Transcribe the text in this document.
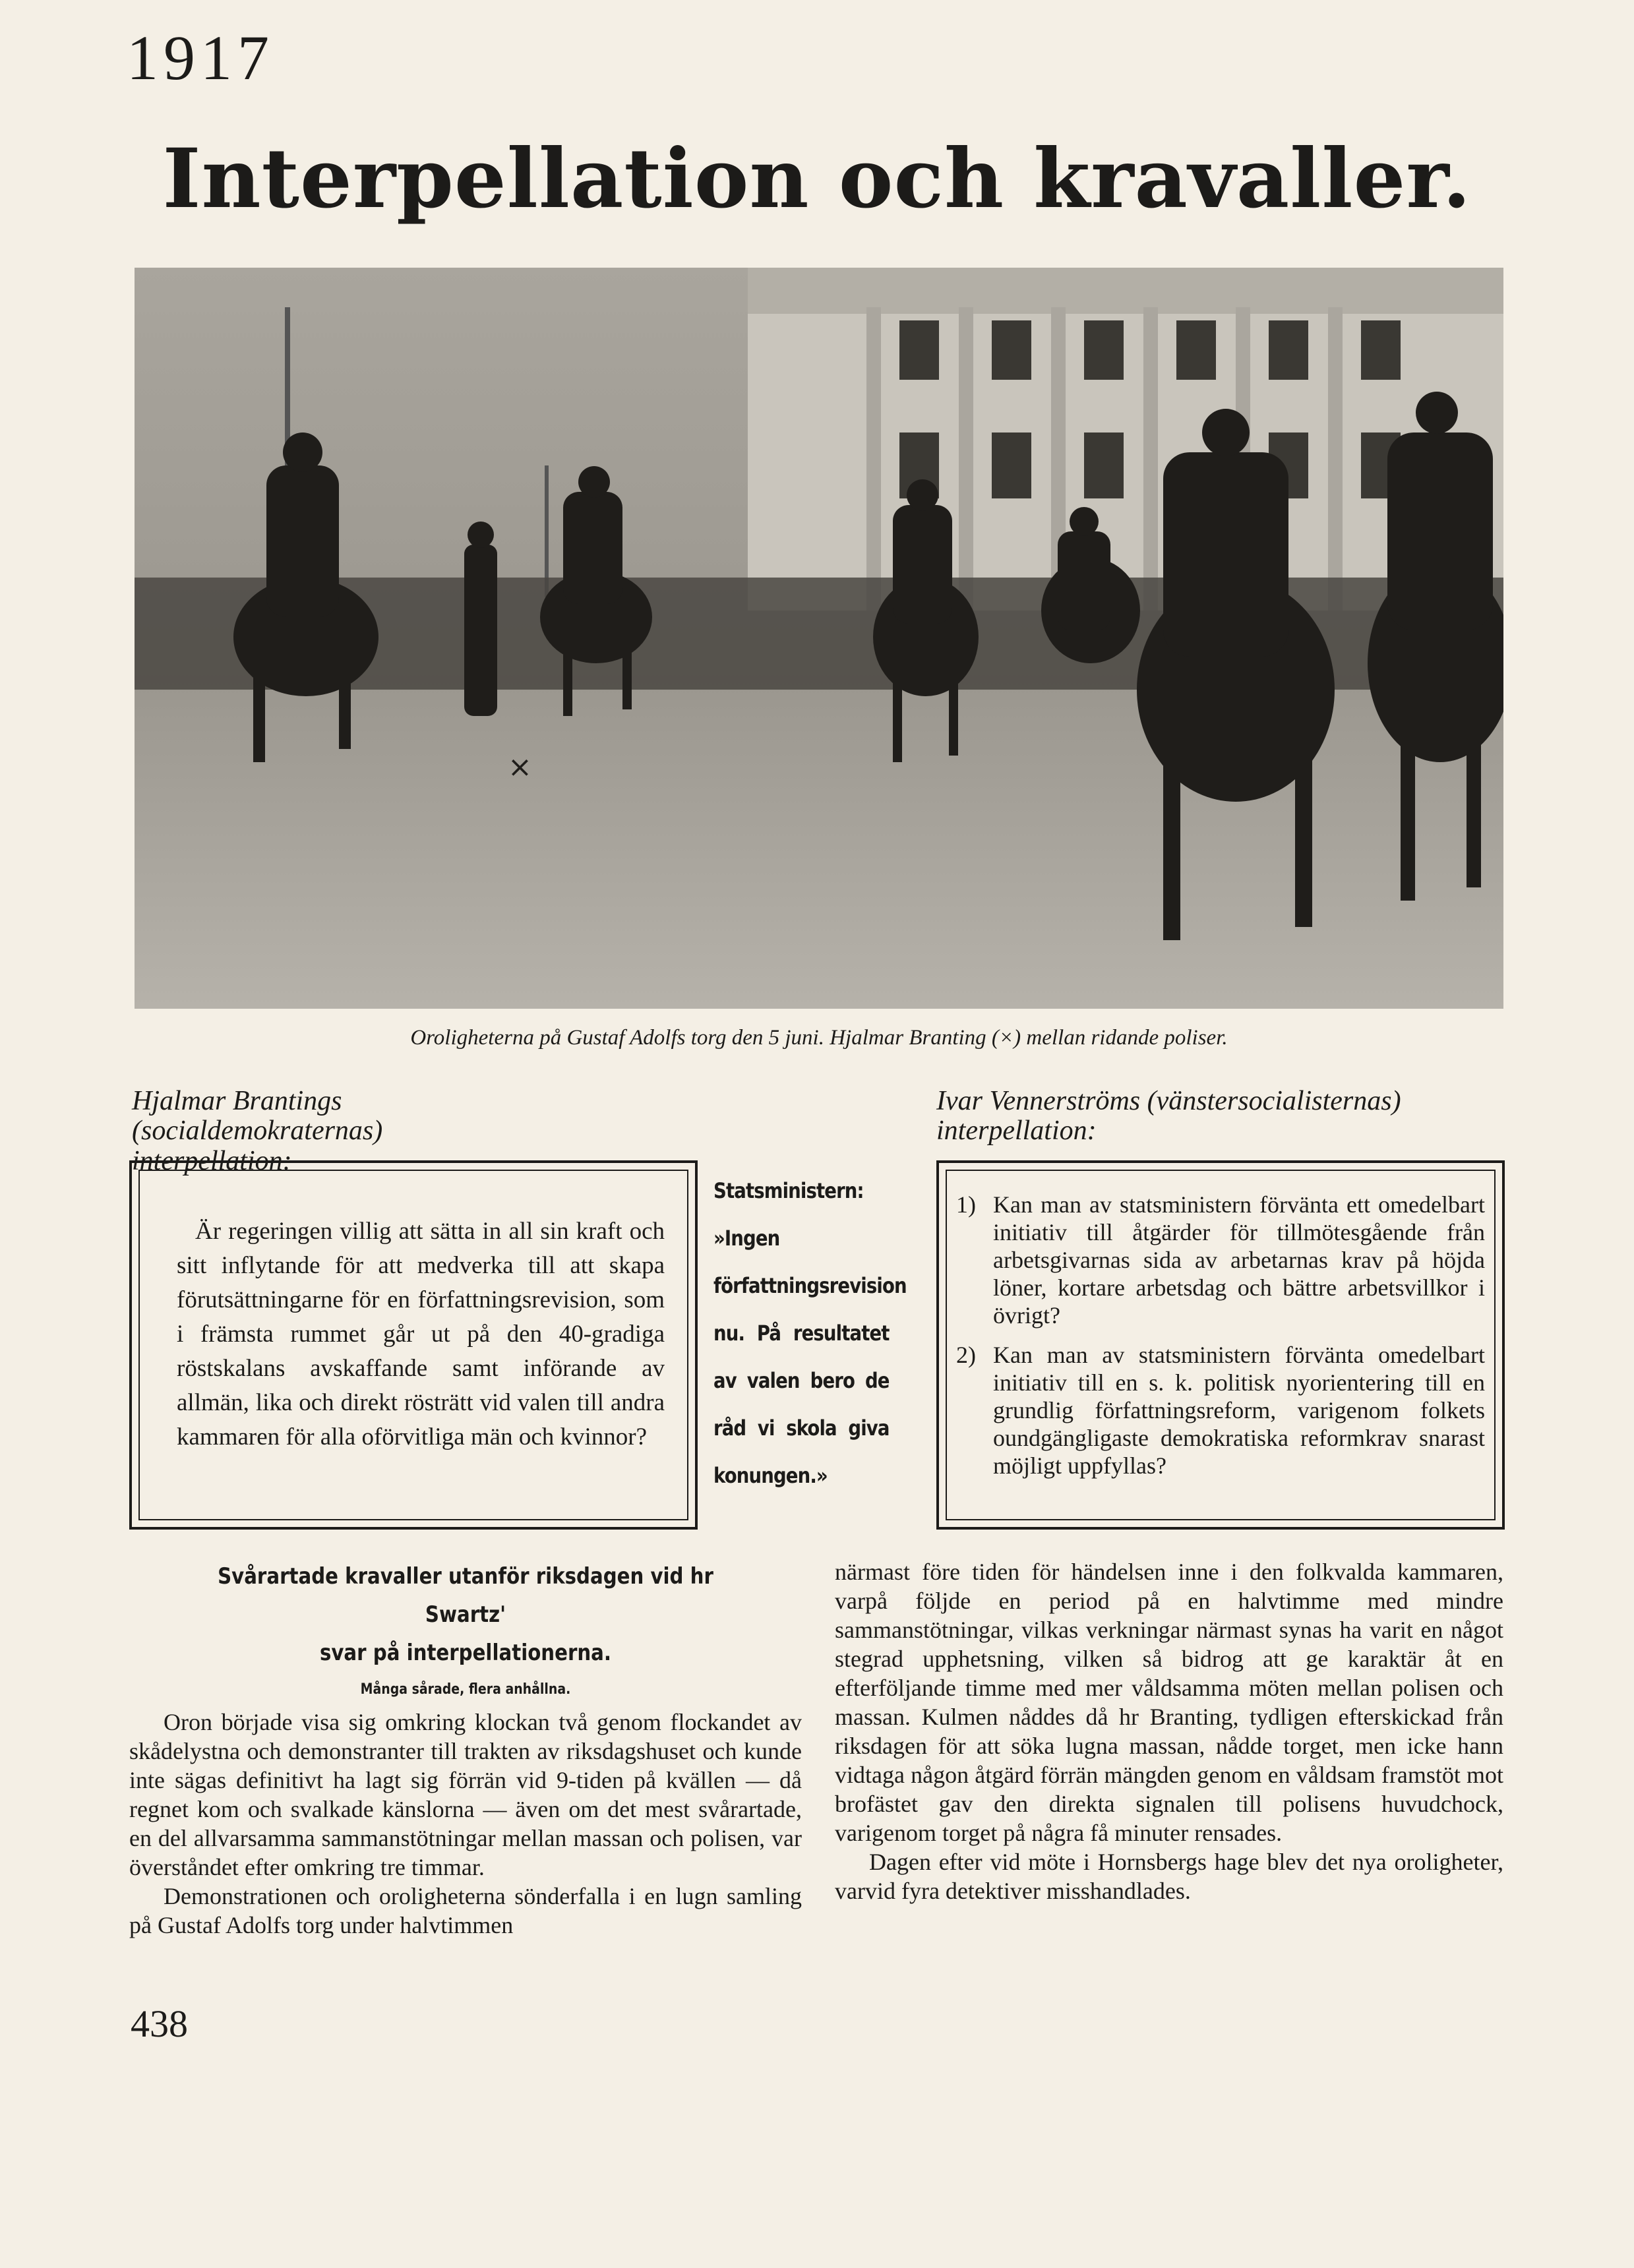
1917
Interpellation och kravaller.
×
Oroligheterna på Gustaf Adolfs torg den 5 juni. Hjalmar Branting (×) mellan ridande poliser.
Hjalmar Brantings (socialdemokraternas)
interpellation:
Ivar Vennerströms (vänstersocialisternas)
interpellation:

Är regeringen villig att sätta in all sin kraft och sitt inflytande för att medverka till att skapa förutsättningarne för en författningsrevision, som i främsta rummet går ut på den 40-gradiga röstskalans avskaffande samt införande av allmän, lika och direkt rösträtt vid valen till andra kammaren för alla oförvitliga män och kvinnor?

Statsministern:
»Ingen författningsrevision nu. På resultatet av valen bero de råd vi skola giva konungen.»
1) Kan man av statsministern förvänta ett omedelbart initiativ till åtgärder för tillmötesgående från arbetsgivarnas sida av arbetarnas krav på höjda löner, kortare arbetsdag och bättre arbetsvillkor i övrigt?
2) Kan man av statsministern förvänta omedelbart initiativ till en s. k. politisk nyorientering till en grundlig författningsreform, varigenom folkets oundgängligaste demokratiska reformkrav snarast möjligt uppfyllas?
Svårartade kravaller utanför riksdagen vid hr Swartz'
svar på interpellationerna.
Många sårade, flera anhållna.

Oron började visa sig omkring klockan två genom flockandet av skådelystna och demonstranter till trakten av riksdagshuset och kunde inte sägas definitivt ha lagt sig förrän vid 9-tiden på kvällen — då regnet kom och svalkade känslorna — även om det mest svårartade, en del allvarsamma sammanstötningar mellan massan och polisen, var överståndet efter omkring tre timmar.

Demonstrationen och oroligheterna sönderfalla i en lugn samling på Gustaf Adolfs torg under halvtimmen

närmast före tiden för händelsen inne i den folkvalda kammaren, varpå följde en period på en halvtimme med mindre sammanstötningar, vilkas verkningar närmast synas ha varit en något stegrad upphetsning, vilken så bidrog att ge karaktär åt en efterföljande timme med mer våldsamma möten mellan polisen och massan. Kulmen nåddes då hr Branting, tydligen efterskickad från riksdagen för att söka lugna massan, nådde torget, men icke hann vidtaga någon åtgärd förrän mängden genom en våldsam framstöt mot brofästet gav den direkta signalen till polisens huvudchock, varigenom torget på några få minuter rensades.

Dagen efter vid möte i Hornsbergs hage blev det nya oroligheter, varvid fyra detektiver misshandlades.

438
